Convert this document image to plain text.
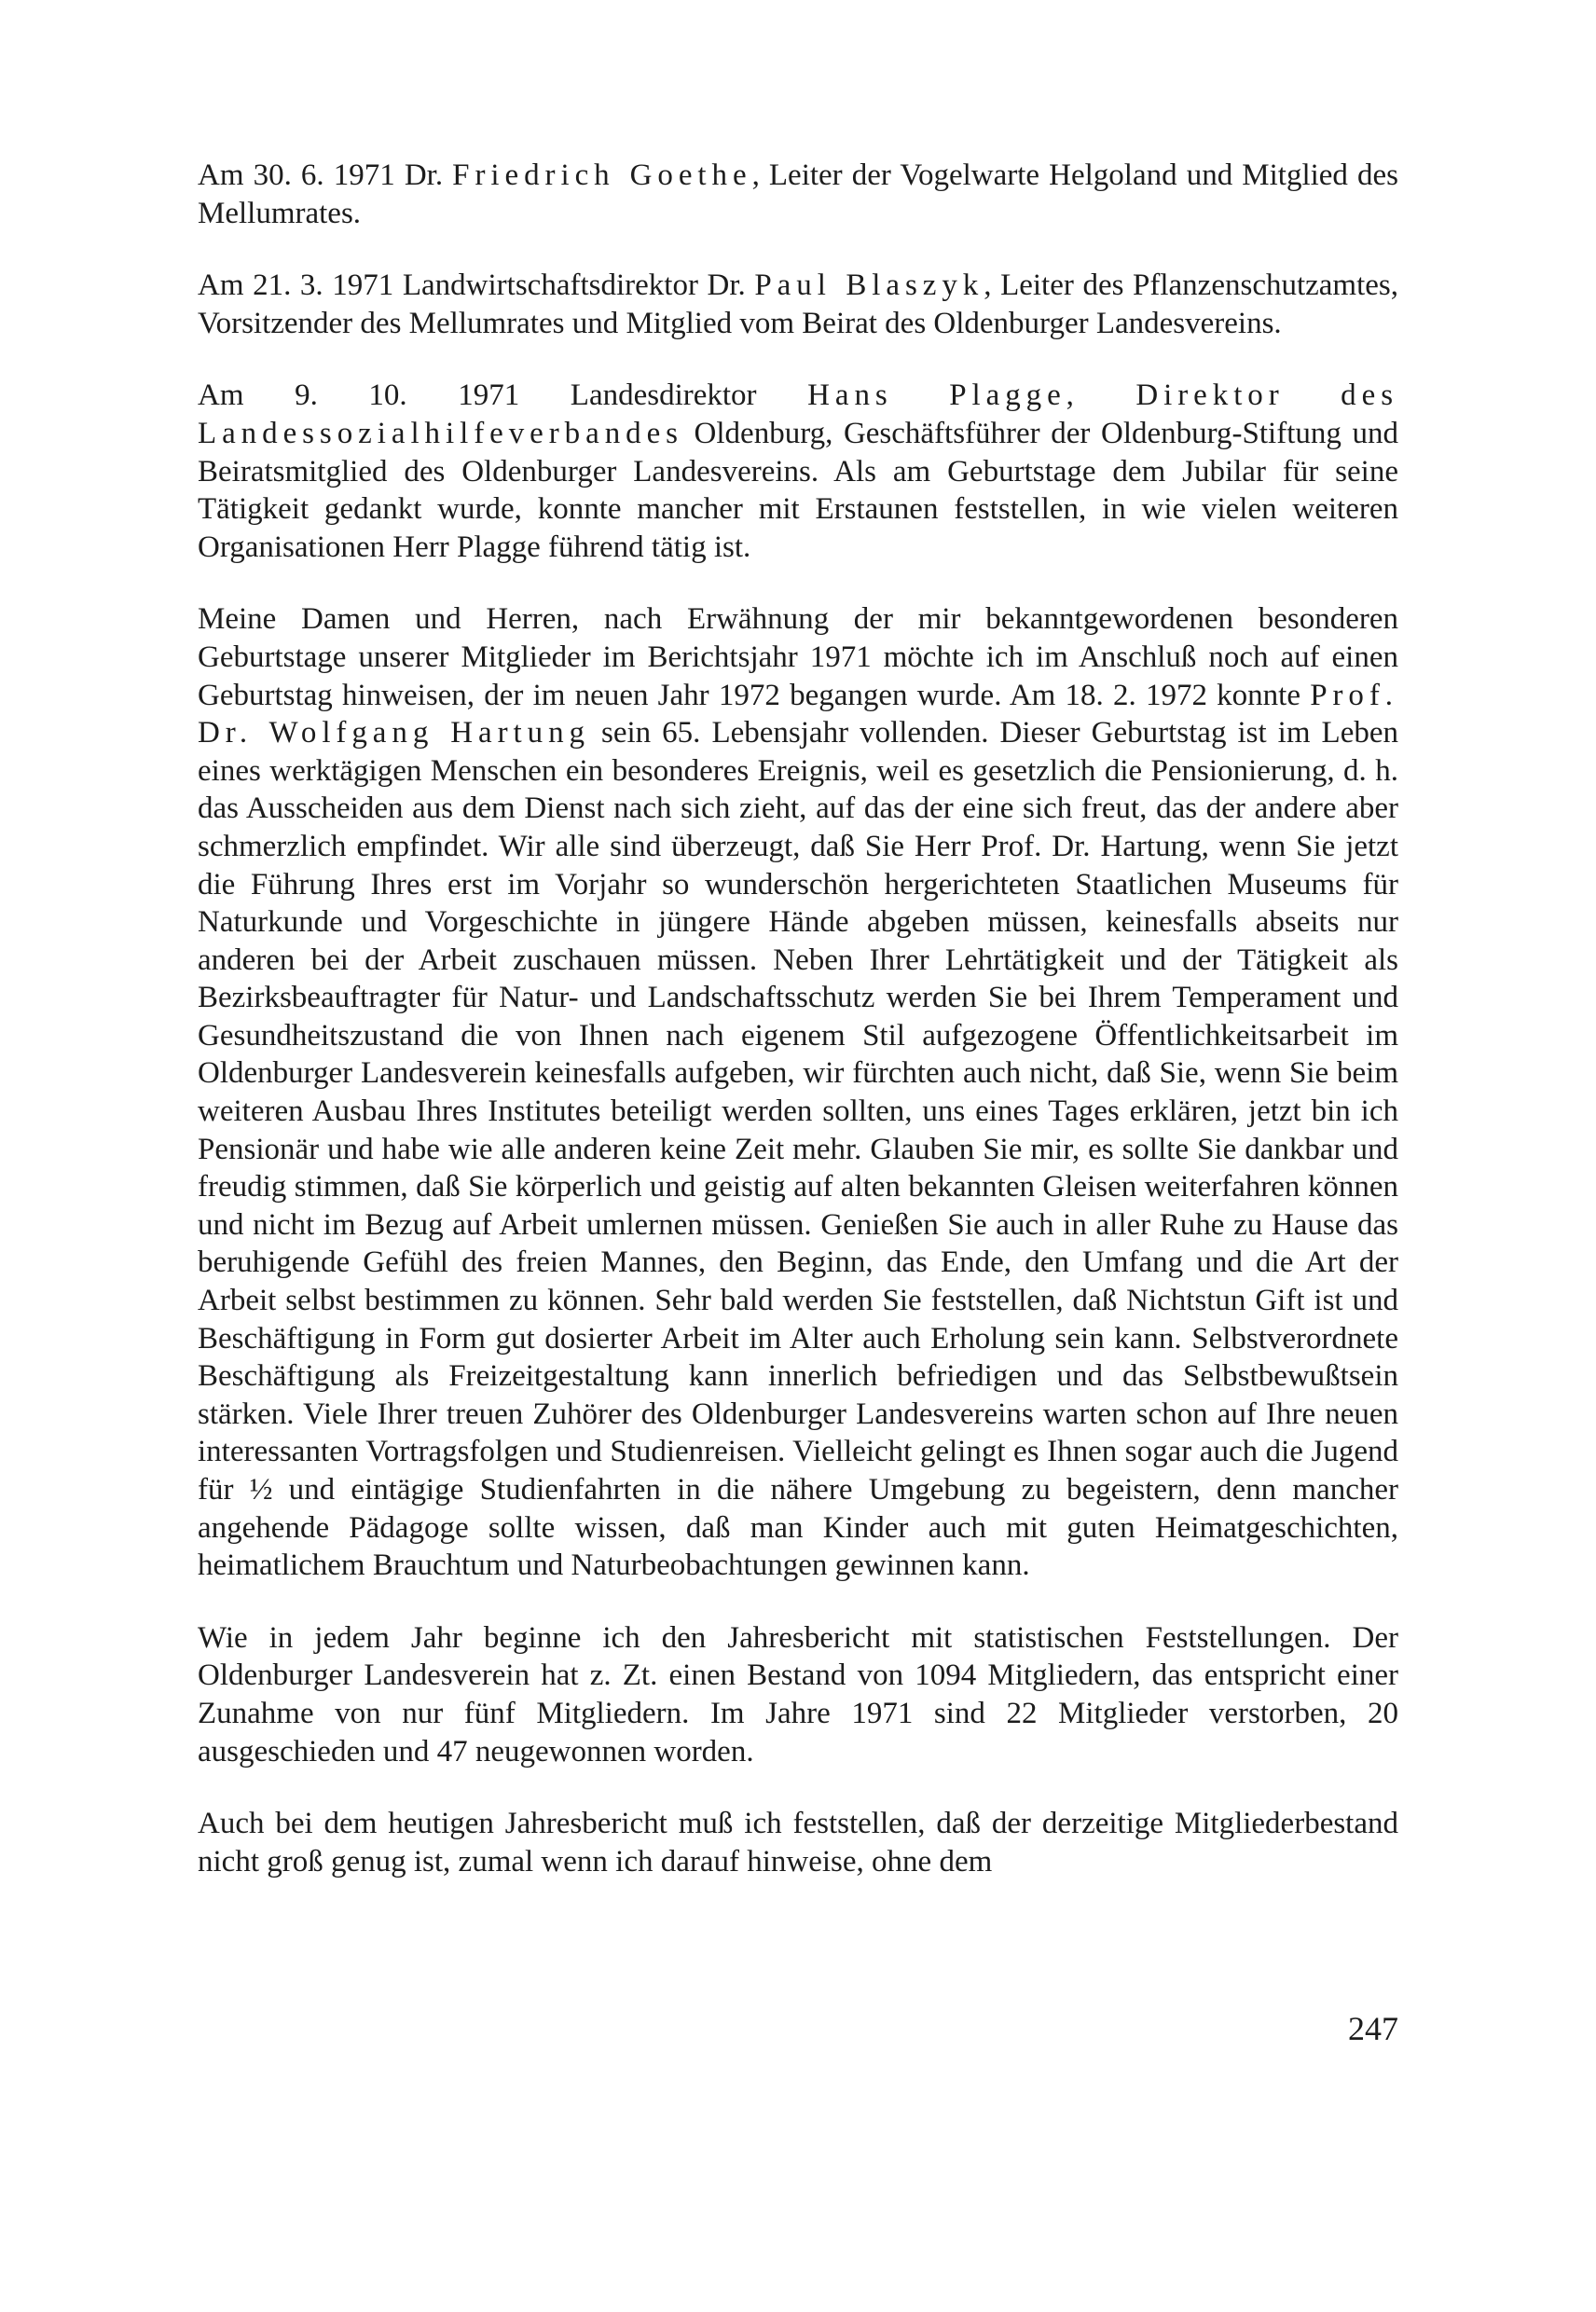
Am 30. 6. 1971 Dr. Friedrich Goethe, Leiter der Vogelwarte Helgoland und Mitglied des Mellumrates.

Am 21. 3. 1971 Landwirtschaftsdirektor Dr. Paul Blaszyk, Leiter des Pflanzenschutzamtes, Vorsitzender des Mellumrates und Mitglied vom Beirat des Oldenburger Landesvereins.

Am 9. 10. 1971 Landesdirektor Hans Plagge, Direktor des Landessozialhilfeverbandes Oldenburg, Geschäftsführer der Oldenburg-Stiftung und Beiratsmitglied des Oldenburger Landesvereins. Als am Geburtstage dem Jubilar für seine Tätigkeit gedankt wurde, konnte mancher mit Erstaunen feststellen, in wie vielen weiteren Organisationen Herr Plagge führend tätig ist.

Meine Damen und Herren, nach Erwähnung der mir bekanntgewordenen besonderen Geburtstage unserer Mitglieder im Berichtsjahr 1971 möchte ich im Anschluß noch auf einen Geburtstag hinweisen, der im neuen Jahr 1972 begangen wurde. Am 18. 2. 1972 konnte Prof. Dr. Wolfgang Hartung sein 65. Lebensjahr vollenden. Dieser Geburtstag ist im Leben eines werktägigen Menschen ein besonderes Ereignis, weil es gesetzlich die Pensionierung, d. h. das Ausscheiden aus dem Dienst nach sich zieht, auf das der eine sich freut, das der andere aber schmerzlich empfindet. Wir alle sind überzeugt, daß Sie Herr Prof. Dr. Hartung, wenn Sie jetzt die Führung Ihres erst im Vorjahr so wunderschön hergerichteten Staatlichen Museums für Naturkunde und Vorgeschichte in jüngere Hände abgeben müssen, keinesfalls abseits nur anderen bei der Arbeit zuschauen müssen. Neben Ihrer Lehrtätigkeit und der Tätigkeit als Bezirksbeauftragter für Natur- und Landschaftsschutz werden Sie bei Ihrem Temperament und Gesundheitszustand die von Ihnen nach eigenem Stil aufgezogene Öffentlichkeitsarbeit im Oldenburger Landesverein keinesfalls aufgeben, wir fürchten auch nicht, daß Sie, wenn Sie beim weiteren Ausbau Ihres Institutes beteiligt werden sollten, uns eines Tages erklären, jetzt bin ich Pensionär und habe wie alle anderen keine Zeit mehr. Glauben Sie mir, es sollte Sie dankbar und freudig stimmen, daß Sie körperlich und geistig auf alten bekannten Gleisen weiterfahren können und nicht im Bezug auf Arbeit umlernen müssen. Genießen Sie auch in aller Ruhe zu Hause das beruhigende Gefühl des freien Mannes, den Beginn, das Ende, den Umfang und die Art der Arbeit selbst bestimmen zu können. Sehr bald werden Sie feststellen, daß Nichtstun Gift ist und Beschäftigung in Form gut dosierter Arbeit im Alter auch Erholung sein kann. Selbstverordnete Beschäftigung als Freizeitgestaltung kann innerlich befriedigen und das Selbstbewußtsein stärken. Viele Ihrer treuen Zuhörer des Oldenburger Landesvereins warten schon auf Ihre neuen interessanten Vortragsfolgen und Studienreisen. Vielleicht gelingt es Ihnen sogar auch die Jugend für ½ und eintägige Studienfahrten in die nähere Umgebung zu begeistern, denn mancher angehende Pädagoge sollte wissen, daß man Kinder auch mit guten Heimatgeschichten, heimatlichem Brauchtum und Naturbeobachtungen gewinnen kann.

Wie in jedem Jahr beginne ich den Jahresbericht mit statistischen Feststellungen. Der Oldenburger Landesverein hat z. Zt. einen Bestand von 1094 Mitgliedern, das entspricht einer Zunahme von nur fünf Mitgliedern. Im Jahre 1971 sind 22 Mitglieder verstorben, 20 ausgeschieden und 47 neugewonnen worden.

Auch bei dem heutigen Jahresbericht muß ich feststellen, daß der derzeitige Mitgliederbestand nicht groß genug ist, zumal wenn ich darauf hinweise, ohne dem

247
